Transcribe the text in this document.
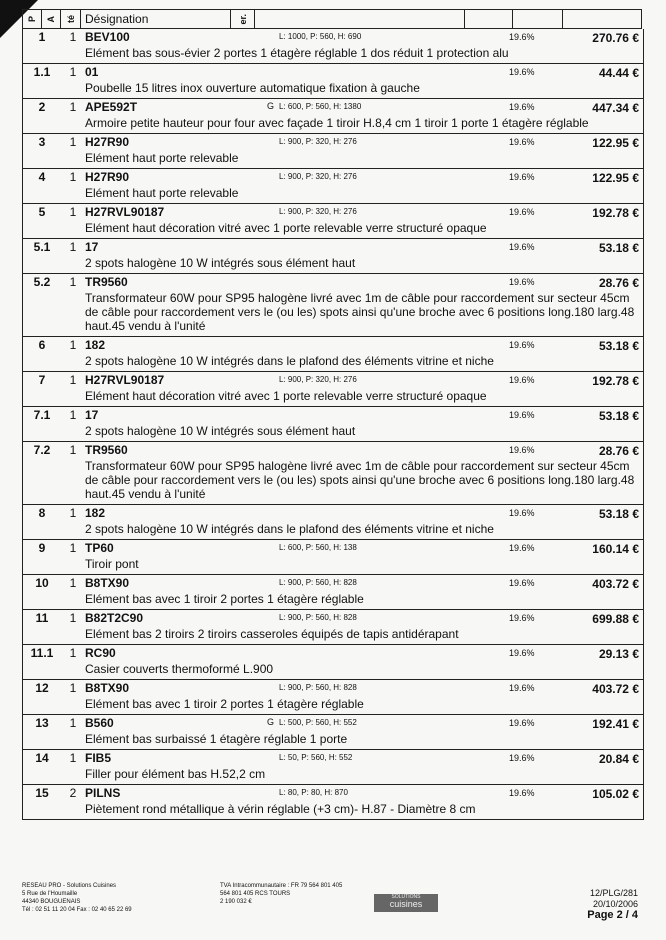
P A té Désignation	er.
1	1 BEV100	L: 1000, P: 560, H: 690	19.6%	270.76 €
Elément bas sous-évier 2 portes 1 étagère réglable 1 dos réduit 1 protection alu
1.1	1 01	19.6%	44.44 €
Poubelle 15 litres inox ouverture automatique fixation à gauche
2	1 APE592T	G L: 600, P: 560, H: 1380	19.6%	447.34 €
Armoire petite hauteur pour four avec façade 1 tiroir H.8,4 cm 1 tiroir 1 porte 1 étagère réglable
3	1 H27R90	L: 900, P: 320, H: 276	19.6%	122.95 €
Elément haut porte relevable
4	1 H27R90	L: 900, P: 320, H: 276	19.6%	122.95 €
Elément haut porte relevable
5	1 H27RVL90187	L: 900, P: 320, H: 276	19.6%	192.78 €
Elément haut décoration vitré avec 1 porte relevable verre structuré opaque
5.1	1 17	19.6%	53.18 €
2 spots halogène 10 W intégrés sous élément haut
5.2	1 TR9560	19.6%	28.76 €
Transformateur 60W pour SP95 halogène livré avec 1m de câble pour raccordement sur secteur 45cm de câble pour raccordement vers le (ou les) spots ainsi qu'une broche avec 6 positions long.180 larg.48 haut.45 vendu à l'unité
6	1 182	19.6%	53.18 €
2 spots halogène 10 W intégrés dans le plafond des éléments vitrine et niche
7	1 H27RVL90187	L: 900, P: 320, H: 276	19.6%	192.78 €
Elément haut décoration vitré avec 1 porte relevable verre structuré opaque
7.1	1 17	19.6%	53.18 €
2 spots halogène 10 W intégrés sous élément haut
7.2	1 TR9560	19.6%	28.76 €
Transformateur 60W pour SP95 halogène livré avec 1m de câble pour raccordement sur secteur 45cm de câble pour raccordement vers le (ou les) spots ainsi qu'une broche avec 6 positions long.180 larg.48 haut.45 vendu à l'unité
8	1 182	19.6%	53.18 €
2 spots halogène 10 W intégrés dans le plafond des éléments vitrine et niche
9	1 TP60	L: 600, P: 560, H: 138	19.6%	160.14 €
Tiroir pont
10	1 B8TX90	L: 900, P: 560, H: 828	19.6%	403.72 €
Elément bas avec 1 tiroir 2 portes 1 étagère réglable
11	1 B82T2C90	L: 900, P: 560, H: 828	19.6%	699.88 €
Elément bas 2 tiroirs 2 tiroirs casseroles équipés de tapis antidérapant
11.1	1 RC90	19.6%	29.13 €
Casier couverts thermoformé L.900
12	1 B8TX90	L: 900, P: 560, H: 828	19.6%	403.72 €
Elément bas avec 1 tiroir 2 portes 1 étagère réglable
13	1 B560	G L: 500, P: 560, H: 552	19.6%	192.41 €
Elément bas surbaissé 1 étagère réglable 1 porte
14	1 FIB5	L: 50, P: 560, H: 552	19.6%	20.84 €
Filler pour élément bas H.52,2 cm
15	2 PILNS	L: 80, P: 80, H: 870	19.6%	105.02 €
Piètement rond métallique à vérin réglable (+3 cm)- H.87 - Diamètre 8 cm
RESEAU PRO - Solutions Cuisines
5 Rue de l'Houmaille
44340 BOUGUENAIS
Tél : 02 51 11 20 04 Fax : 02 40 65 22 69
TVA Intracommunautaire : FR 79 564 801 405
564 801 405 RCS TOURS
2 190 032 €
SOLUTIONS
cuisines
12/PLG/281
20/10/2006
Page 2 / 4
